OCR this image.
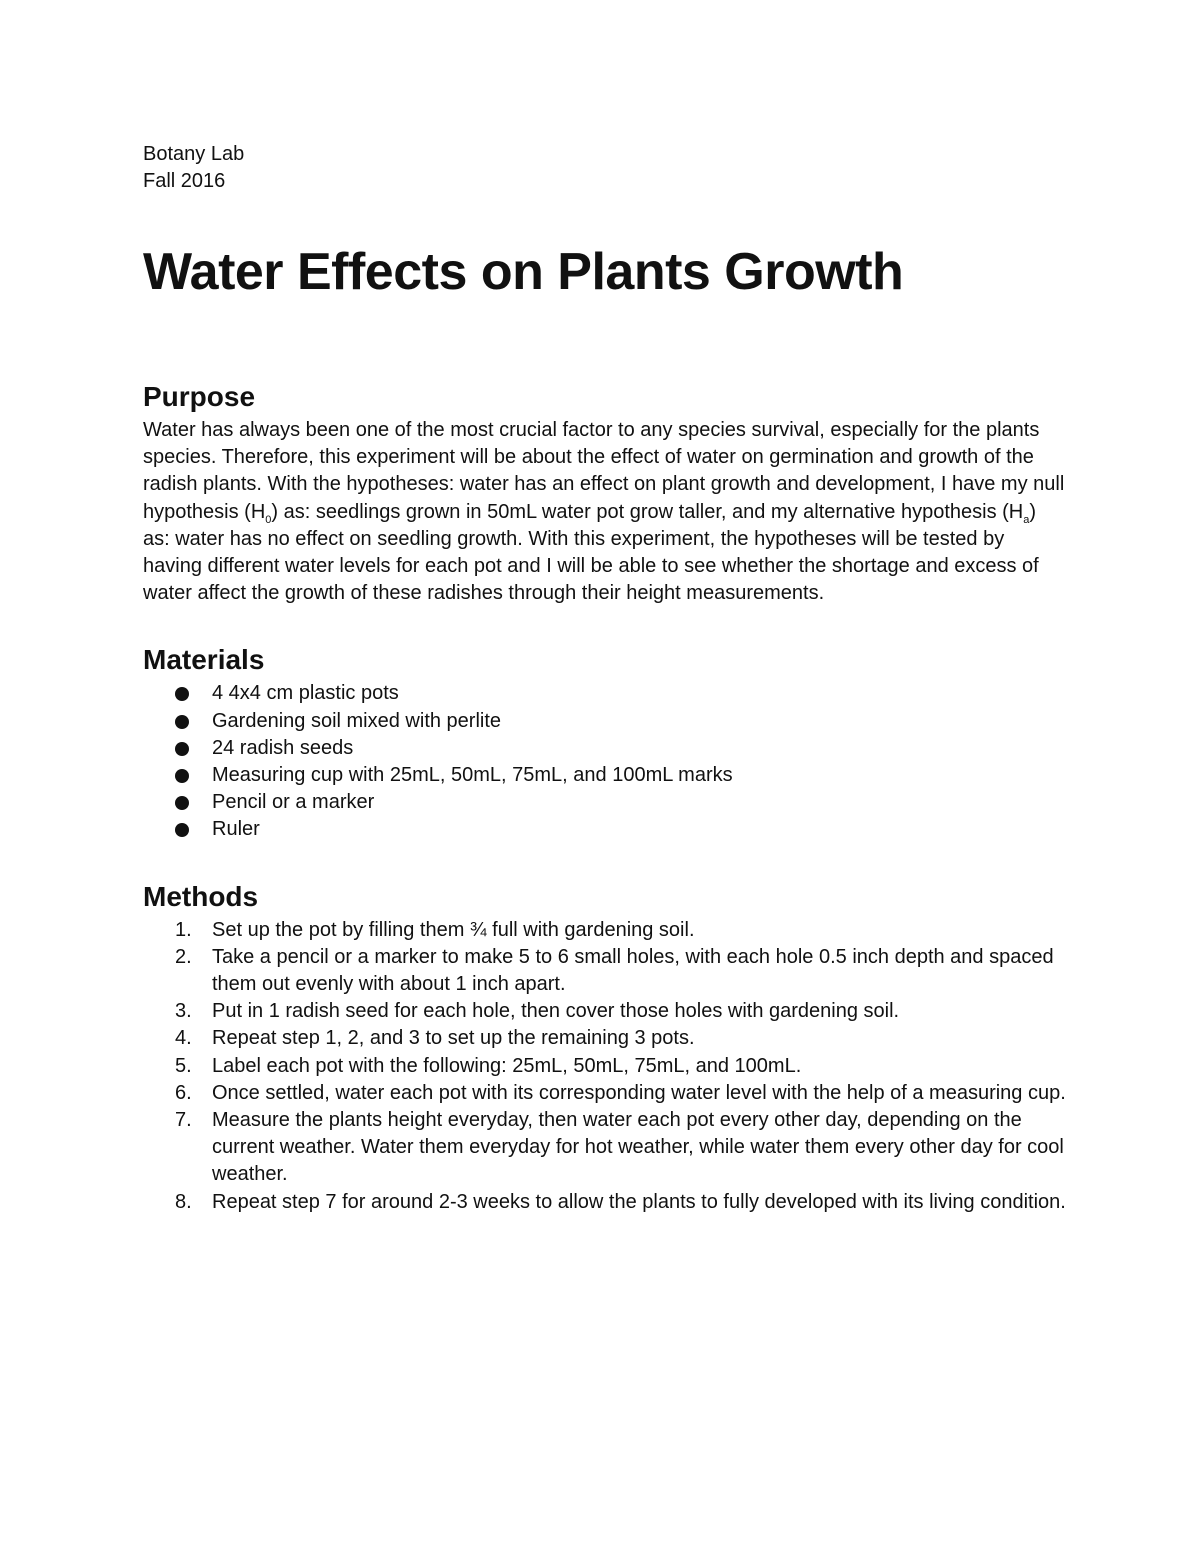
Botany Lab
Fall 2016
Water Effects on Plants Growth
Purpose

Water has always been one of the most crucial factor to any species survival, especially for the plants species. Therefore, this experiment will be about the effect of water on germination and growth of the radish plants. With the hypotheses: water has an effect on plant growth and development, I have my null hypothesis $(H_0)$ as: seedlings grown in 50mL water pot grow taller, and my alternative hypothesis $(H_a)$ as: water has no effect on seedling growth. With this experiment, the hypotheses will be tested by having different water levels for each pot and I will be able to see whether the shortage and excess of water affect the growth of these radishes through their height measurements.

Materials
4 4x4 cm plastic pots
Gardening soil mixed with perlite
24 radish seeds
Measuring cup with 25mL, 50mL, 75mL, and 100mL marks
Pencil or a marker
Ruler
Methods
1.	Set up the pot by filling them ¾ full with gardening soil.
2.	Take a pencil or a marker to make 5 to 6 small holes, with each hole 0.5 inch depth and spaced them out evenly with about 1 inch apart.
3.	Put in 1 radish seed for each hole, then cover those holes with gardening soil.
4.	Repeat step 1, 2, and 3 to set up the remaining 3 pots.
5.	Label each pot with the following: 25mL, 50mL, 75mL, and 100mL.
6.	Once settled, water each pot with its corresponding water level with the help of a measuring cup.
7.	Measure the plants height everyday, then water each pot every other day, depending on the current weather. Water them everyday for hot weather, while water them every other day for cool weather.
8.	Repeat step 7 for around 2-3 weeks to allow the plants to fully developed with its living condition.
